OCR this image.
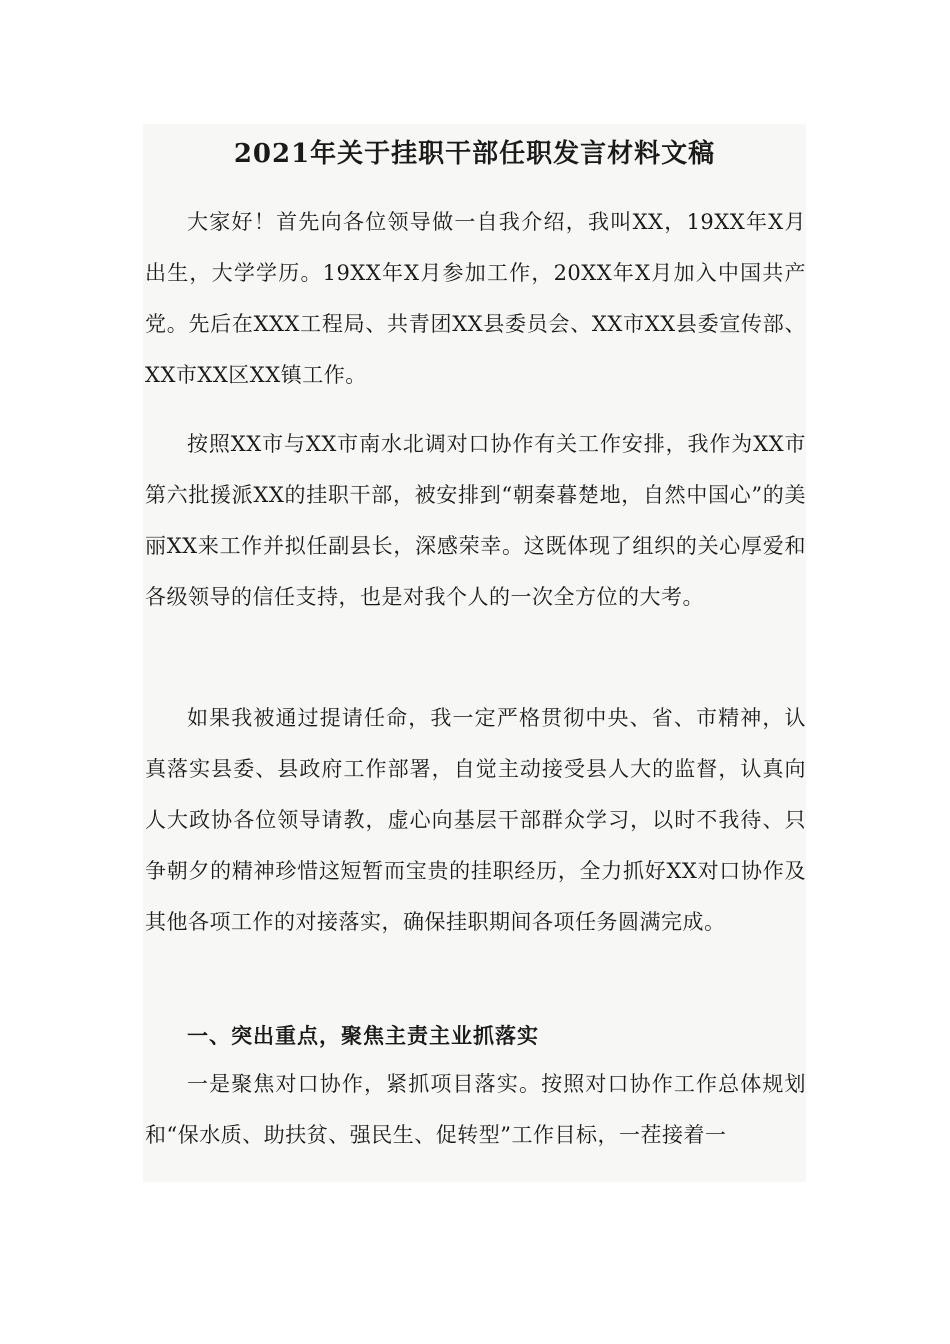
2021年关于挂职干部任职发言材料文稿

大家好！首先向各位领导做一自我介绍，我叫XX，19XX年X月出生，大学学历。19XX年X月参加工作，20XX年X月加入中国共产党。先后在XXX工程局、共青团XX县委员会、XX市XX县委宣传部、XX市XX区XX镇工作。

按照XX市与XX市南水北调对口协作有关工作安排，我作为XX市第六批援派XX的挂职干部，被安排到“朝秦暮楚地，自然中国心”的美丽XX来工作并拟任副县长，深感荣幸。这既体现了组织的关心厚爱和各级领导的信任支持，也是对我个人的一次全方位的大考。

如果我被通过提请任命，我一定严格贯彻中央、省、市精神，认真落实县委、县政府工作部署，自觉主动接受县人大的监督，认真向人大政协各位领导请教，虚心向基层干部群众学习，以时不我待、只争朝夕的精神珍惜这短暂而宝贵的挂职经历，全力抓好XX对口协作及其他各项工作的对接落实，确保挂职期间各项任务圆满完成。

一、突出重点，聚焦主责主业抓落实

一是聚焦对口协作，紧抓项目落实。按照对口协作工作总体规划和“保水质、助扶贫、强民生、促转型”工作目标，一茬接着一
